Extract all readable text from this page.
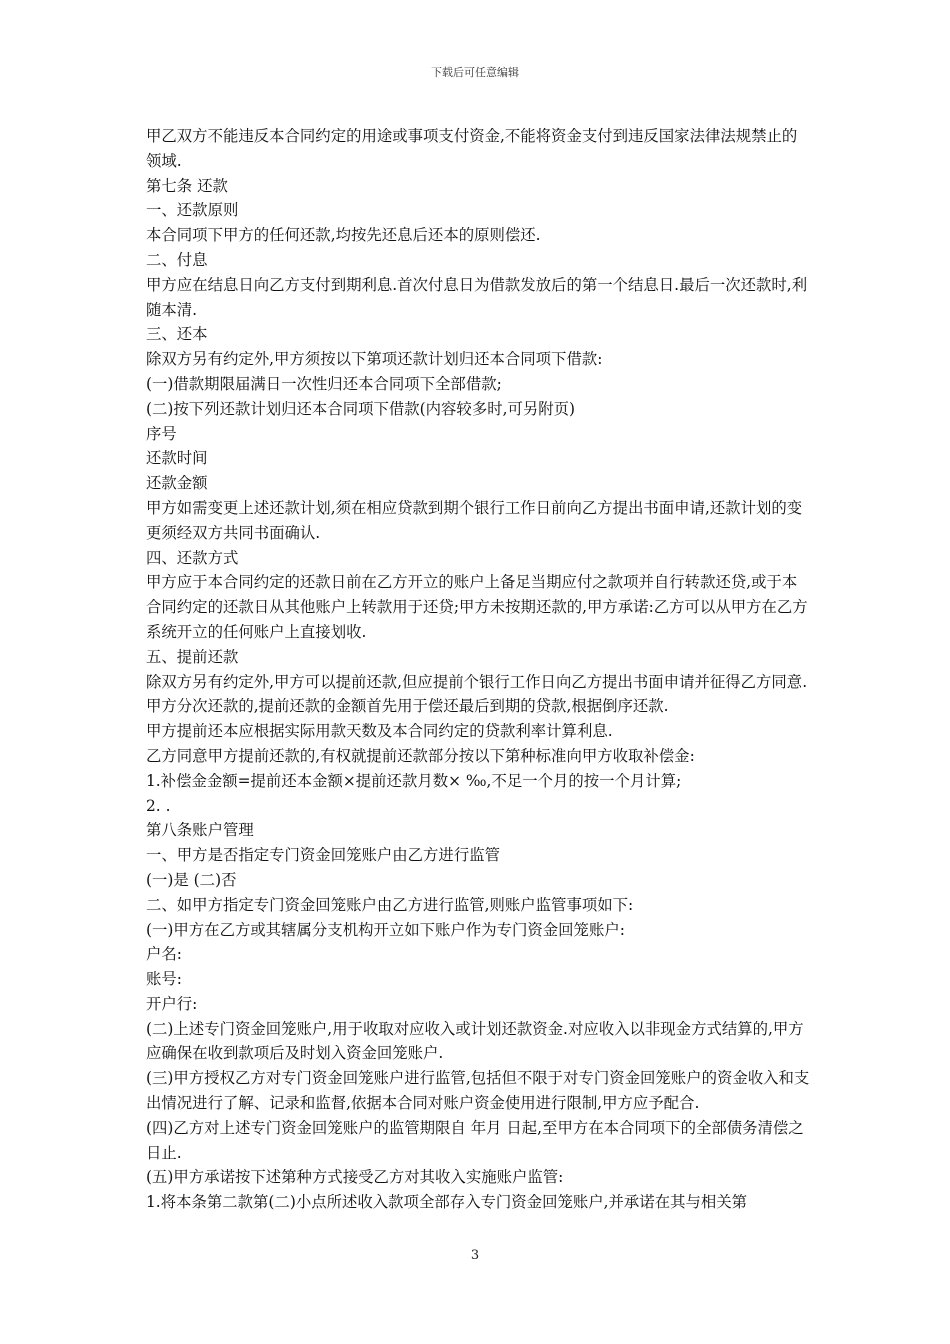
下载后可任意编辑

甲乙双方不能违反本合同约定的用途或事项支付资金,不能将资金支付到违反国家法律法规禁止的领域.

第七条 还款

一、还款原则

本合同项下甲方的任何还款,均按先还息后还本的原则偿还.

二、付息

甲方应在结息日向乙方支付到期利息.首次付息日为借款发放后的第一个结息日.最后一次还款时,利随本清.

三、还本

除双方另有约定外,甲方须按以下第项还款计划归还本合同项下借款:

(一)借款期限届满日一次性归还本合同项下全部借款;

(二)按下列还款计划归还本合同项下借款(内容较多时,可另附页)

序号

还款时间

还款金额

甲方如需变更上述还款计划,须在相应贷款到期个银行工作日前向乙方提出书面申请,还款计划的变更须经双方共同书面确认.

四、还款方式

甲方应于本合同约定的还款日前在乙方开立的账户上备足当期应付之款项并自行转款还贷,或于本合同约定的还款日从其他账户上转款用于还贷;甲方未按期还款的,甲方承诺:乙方可以从甲方在乙方系统开立的任何账户上直接划收.

五、提前还款

除双方另有约定外,甲方可以提前还款,但应提前个银行工作日向乙方提出书面申请并征得乙方同意.甲方分次还款的,提前还款的金额首先用于偿还最后到期的贷款,根据倒序还款.

甲方提前还本应根据实际用款天数及本合同约定的贷款利率计算利息.

乙方同意甲方提前还款的,有权就提前还款部分按以下第种标准向甲方收取补偿金:

1.补偿金金额=提前还本金额×提前还款月数× ‰,不足一个月的按一个月计算;

2. .

第八条账户管理

一、甲方是否指定专门资金回笼账户由乙方进行监管

(一)是 (二)否

二、如甲方指定专门资金回笼账户由乙方进行监管,则账户监管事项如下:

(一)甲方在乙方或其辖属分支机构开立如下账户作为专门资金回笼账户:

户名:

账号:

开户行:

(二)上述专门资金回笼账户,用于收取对应收入或计划还款资金.对应收入以非现金方式结算的,甲方应确保在收到款项后及时划入资金回笼账户.

(三)甲方授权乙方对专门资金回笼账户进行监管,包括但不限于对专门资金回笼账户的资金收入和支出情况进行了解、记录和监督,依据本合同对账户资金使用进行限制,甲方应予配合.

(四)乙方对上述专门资金回笼账户的监管期限自 年月 日起,至甲方在本合同项下的全部债务清偿之日止.

(五)甲方承诺按下述第种方式接受乙方对其收入实施账户监管:

1.将本条第二款第(二)小点所述收入款项全部存入专门资金回笼账户,并承诺在其与相关第

3
